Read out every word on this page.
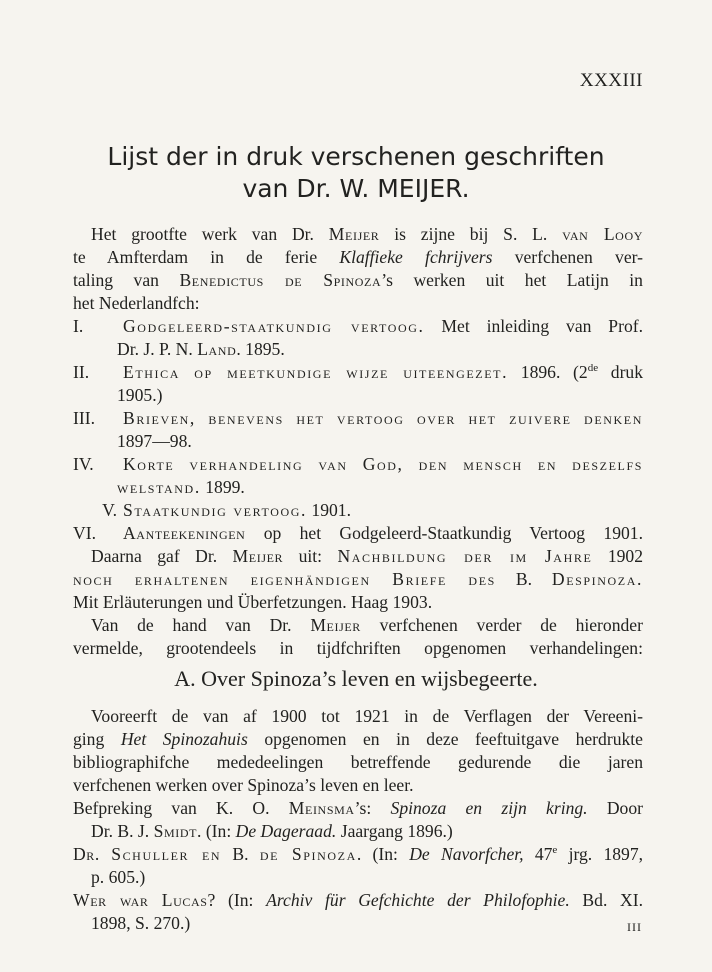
XXXIII
Lijst der in druk verschenen geschriften
van Dr. W. MEIJER.
Het grootfte werk van Dr. Meijer is zijne bij S. L. van Looy
te Amfterdam in de ferie Klaffieke fchrijvers verfchenen ver-
taling van Benedictus de Spinoza’s werken uit het Latijn in
het Nederlandfch:
I. Godgeleerd-staatkundig vertoog. Met inleiding van Prof.
Dr. J. P. N. Land. 1895.
II. Ethica op meetkundige wijze uiteengezet. 1896. (2de druk
1905.)
III. Brieven, benevens het vertoog over het zuivere denken
1897—98.
IV. Korte verhandeling van God, den mensch en deszelfs
welstand. 1899.
V. Staatkundig vertoog. 1901.
VI. Aanteekeningen op het Godgeleerd-Staatkundig Vertoog 1901.
Daarna gaf Dr. Meijer uit: Nachbildung der im Jahre 1902
noch erhaltenen eigenhändigen Briefe des B. Despinoza.
Mit Erläuterungen und Überfetzungen. Haag 1903.
Van de hand van Dr. Meijer verfchenen verder de hieronder
vermelde, grootendeels in tijdfchriften opgenomen verhandelingen:
A. Over Spinoza’s leven en wijsbegeerte.
Vooreerft de van af 1900 tot 1921 in de Verflagen der Vereeni-
ging Het Spinozahuis opgenomen en in deze feeftuitgave herdrukte
bibliographifche mededeelingen betreffende gedurende die jaren
verfchenen werken over Spinoza’s leven en leer.
Befpreking van K. O. Meinsma’s: Spinoza en zijn kring. Door
Dr. B. J. Smidt. (In: De Dageraad. Jaargang 1896.)
Dr. Schuller en B. de Spinoza. (In: De Navorfcher, 47e jrg. 1897,
p. 605.)
Wer war Lucas? (In: Archiv für Gefchichte der Philofophie. Bd. XI.
1898, S. 270.)	III
